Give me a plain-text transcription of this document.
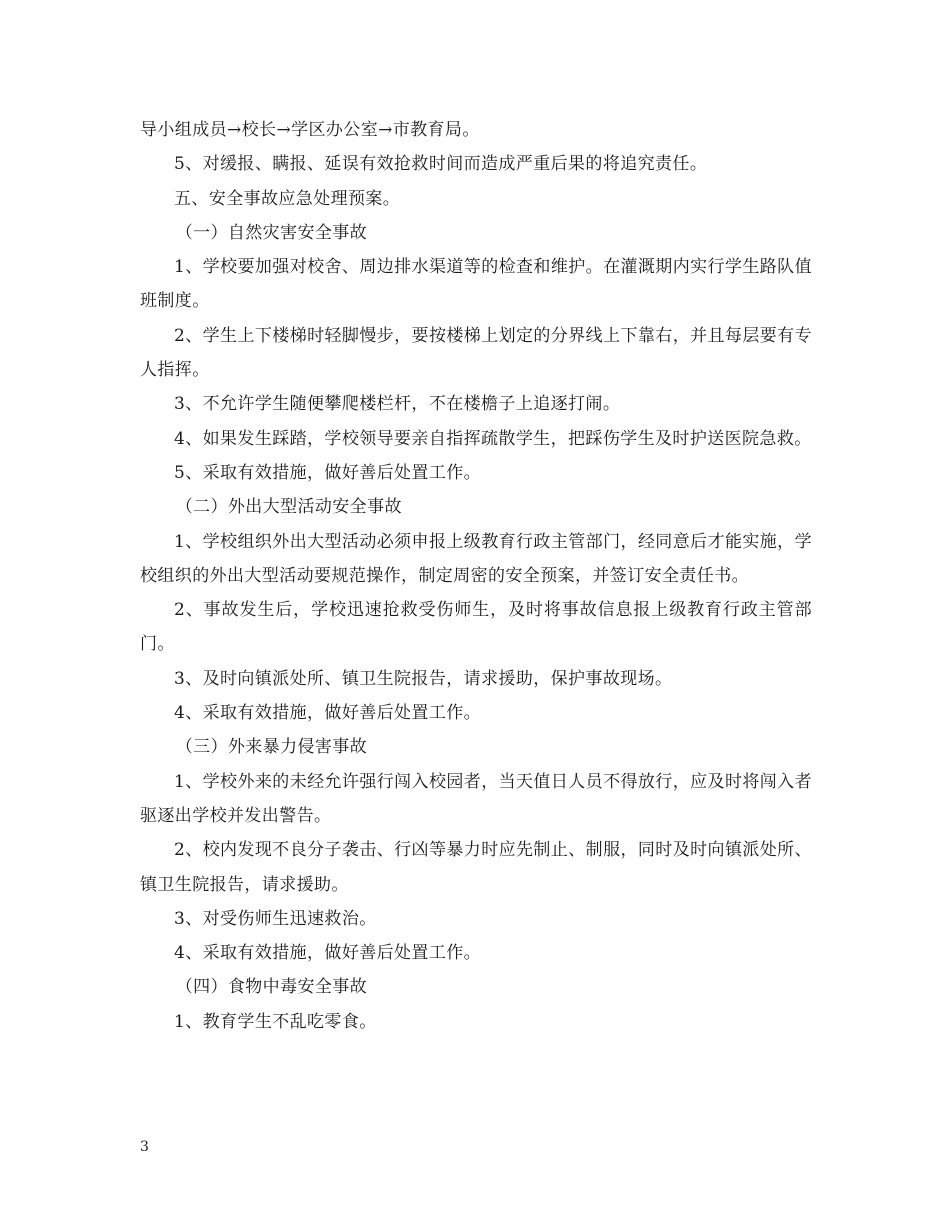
导小组成员→校长→学区办公室→市教育局。

5、对缓报、瞒报、延误有效抢救时间而造成严重后果的将追究责任。

五、安全事故应急处理预案。

（一）自然灾害安全事故

1、学校要加强对校舍、周边排水渠道等的检查和维护。在灌溉期内实行学生路队值班制度。

2、学生上下楼梯时轻脚慢步，要按楼梯上划定的分界线上下靠右，并且每层要有专人指挥。

3、不允许学生随便攀爬楼栏杆，不在楼檐子上追逐打闹。

4、如果发生踩踏，学校领导要亲自指挥疏散学生，把踩伤学生及时护送医院急救。

5、采取有效措施，做好善后处置工作。

（二）外出大型活动安全事故

1、学校组织外出大型活动必须申报上级教育行政主管部门，经同意后才能实施，学校组织的外出大型活动要规范操作，制定周密的安全预案，并签订安全责任书。

2、事故发生后，学校迅速抢救受伤师生，及时将事故信息报上级教育行政主管部门。

3、及时向镇派处所、镇卫生院报告，请求援助，保护事故现场。

4、采取有效措施，做好善后处置工作。

（三）外来暴力侵害事故

1、学校外来的未经允许强行闯入校园者，当天值日人员不得放行，应及时将闯入者驱逐出学校并发出警告。

2、校内发现不良分子袭击、行凶等暴力时应先制止、制服，同时及时向镇派处所、镇卫生院报告，请求援助。

3、对受伤师生迅速救治。

4、采取有效措施，做好善后处置工作。

（四）食物中毒安全事故

1、教育学生不乱吃零食。

3
